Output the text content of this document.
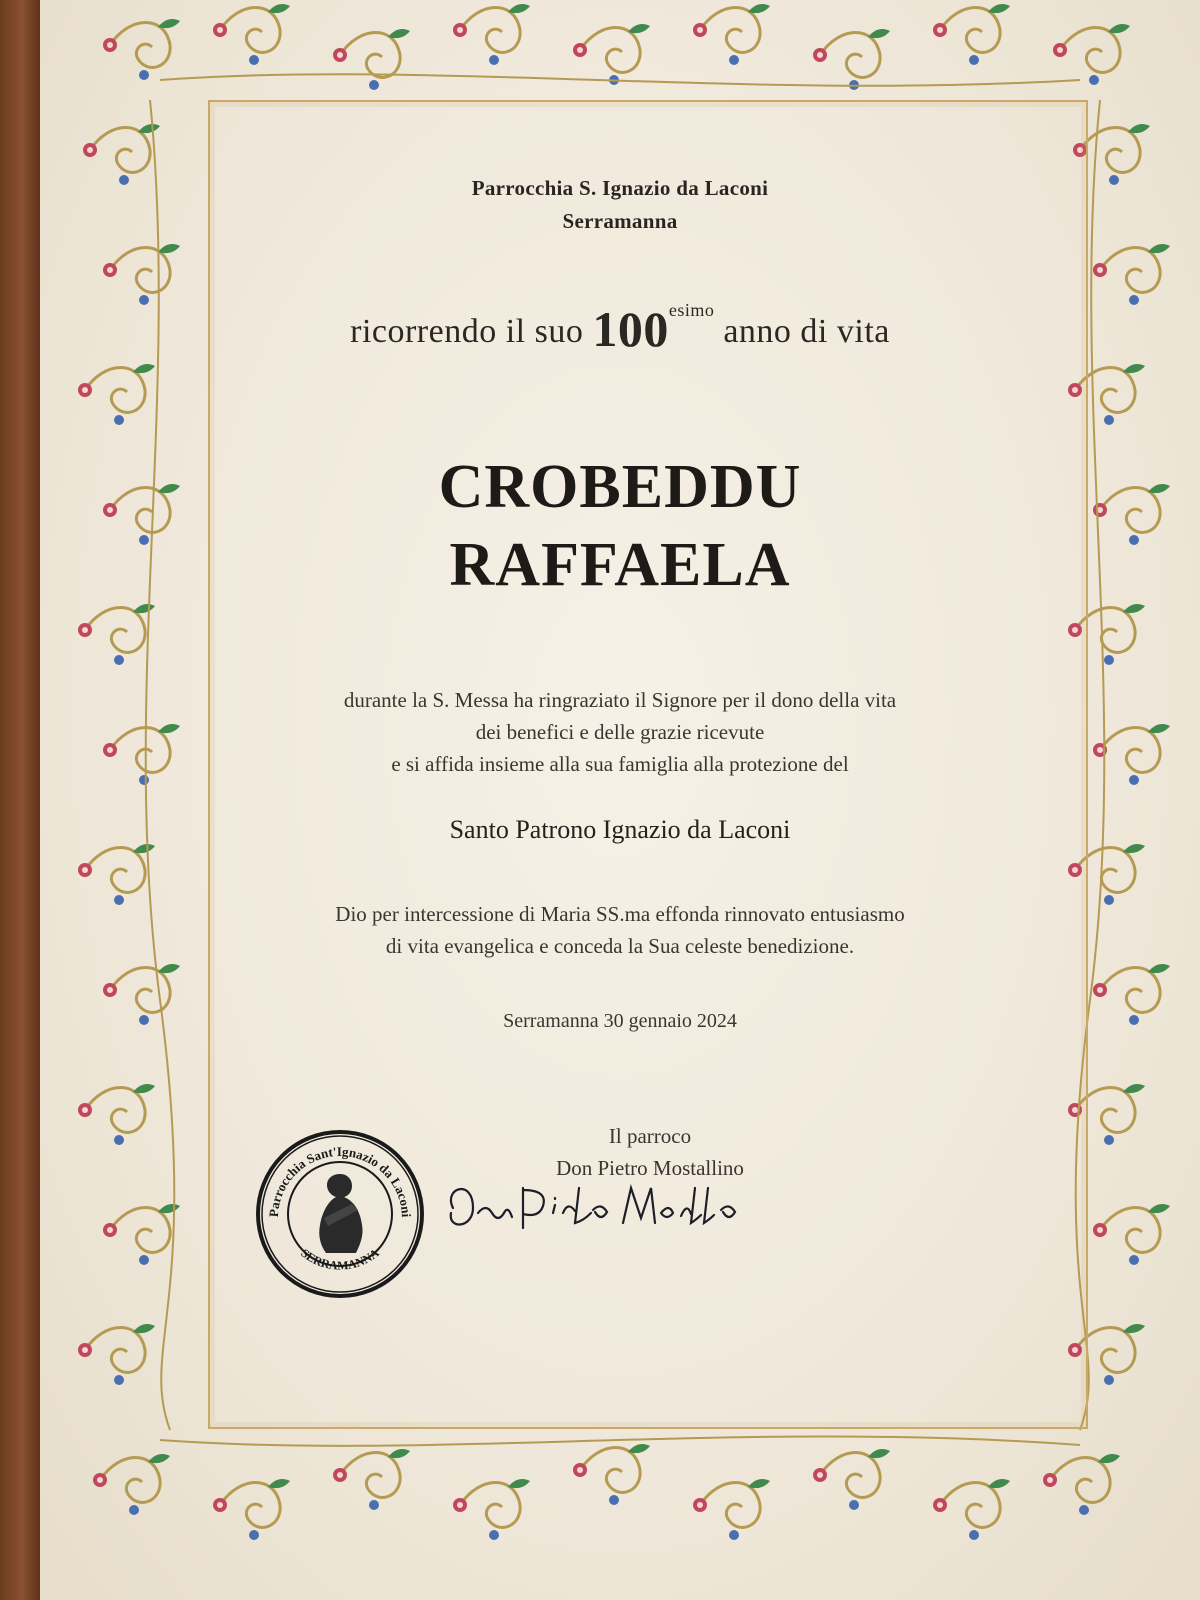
Parrocchia S. Ignazio da Laconi
Serramanna
ricorrendo il suo $100^{esimo}$ anno di vita
CROBEDDU
RAFFAELA
durante la S. Messa ha ringraziato il Signore per il dono della vita
dei benefici e delle grazie ricevute
e si affida insieme alla sua famiglia alla protezione del
Santo Patrono Ignazio da Laconi
Dio per intercessione di Maria SS.ma effonda rinnovato entusiasmo
di vita evangelica e conceda la Sua celeste benedizione.
Serramanna 30 gennaio 2024
Il parroco
Don Pietro Mostallino
Parrocchia Sant'Ignazio da Laconi
SERRAMANNA
